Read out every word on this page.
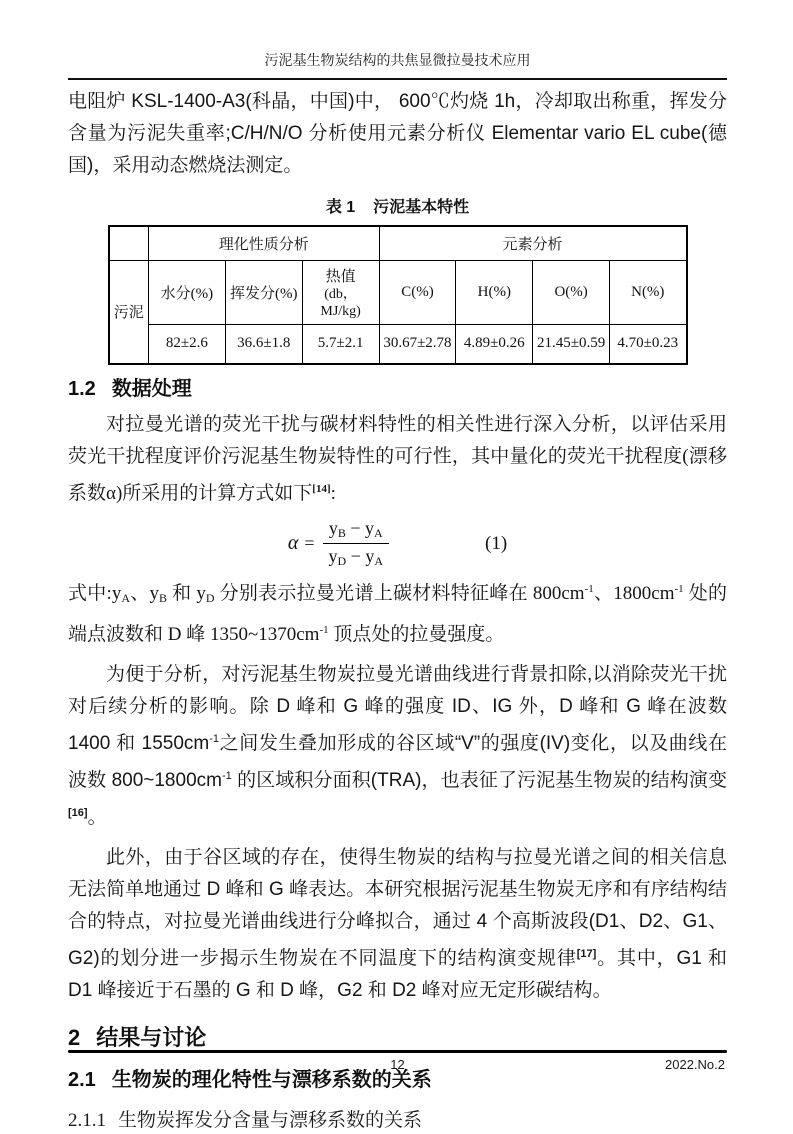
污泥基生物炭结构的共焦显微拉曼技术应用

电阻炉 KSL-1400-A3(科晶，中国)中， 600℃灼烧 1h，冷却取出称重，挥发分含量为污泥失重率;C/H/N/O 分析使用元素分析仪 Elementar vario EL cube(德国)，采用动态燃烧法测定。

表 1 污泥基本特性
	理化性质分析			元素分析			
污泥	水分(%)	挥发分(%)	热值
(db，MJ/kg)	C(%)	H(%)	O(%)	N(%)
	82±2.6	36.6±1.8	5.7±2.1	30.67±2.78	4.89±0.26	21.45±0.59	4.70±0.23
1.2 数据处理

对拉曼光谱的荧光干扰与碳材料特性的相关性进行深入分析，以评估采用荧光干扰程度评价污泥基生物炭特性的可行性，其中量化的荧光干扰程度(漂移系数α)所采用的计算方式如下[14]:

$\alpha = \frac{y_B - y_A}{y_D - y_A}$	(1)

式中$:y_A$、$y_B$ 和 $y_D$ 分别表示拉曼光谱上碳材料特征峰在 $800cm^{-1}$、$1800cm^{-1}$ 处的端点波数和 D 峰 $1350\sim 1370cm^{-1}$ 顶点处的拉曼强度。

为便于分析，对污泥基生物炭拉曼光谱曲线进行背景扣除,以消除荧光干扰对后续分析的影响。除 D 峰和 G 峰的强度 ID、IG 外，D 峰和 G 峰在波数 1400 和 $1550cm^{-1}$之间发生叠加形成的谷区域“V”的强度(IV)变化，以及曲线在波数 $800\sim 1800cm^{-1}$ 的区域积分面积(TRA)，也表征了污泥基生物炭的结构演变[16]。

此外，由于谷区域的存在，使得生物炭的结构与拉曼光谱之间的相关信息无法简单地通过 D 峰和 G 峰表达。本研究根据污泥基生物炭无序和有序结构结合的特点，对拉曼光谱曲线进行分峰拟合，通过 4 个高斯波段(D1、D2、G1、G2)的划分进一步揭示生物炭在不同温度下的结构演变规律[17]。其中，G1 和 D1 峰接近于石墨的 G 和 D 峰，G2 和 D2 峰对应无定形碳结构。

2 结果与讨论
2.1 生物炭的理化特性与漂移系数的关系
2.1.1 生物炭挥发分含量与漂移系数的关系
12	2022.No.2
